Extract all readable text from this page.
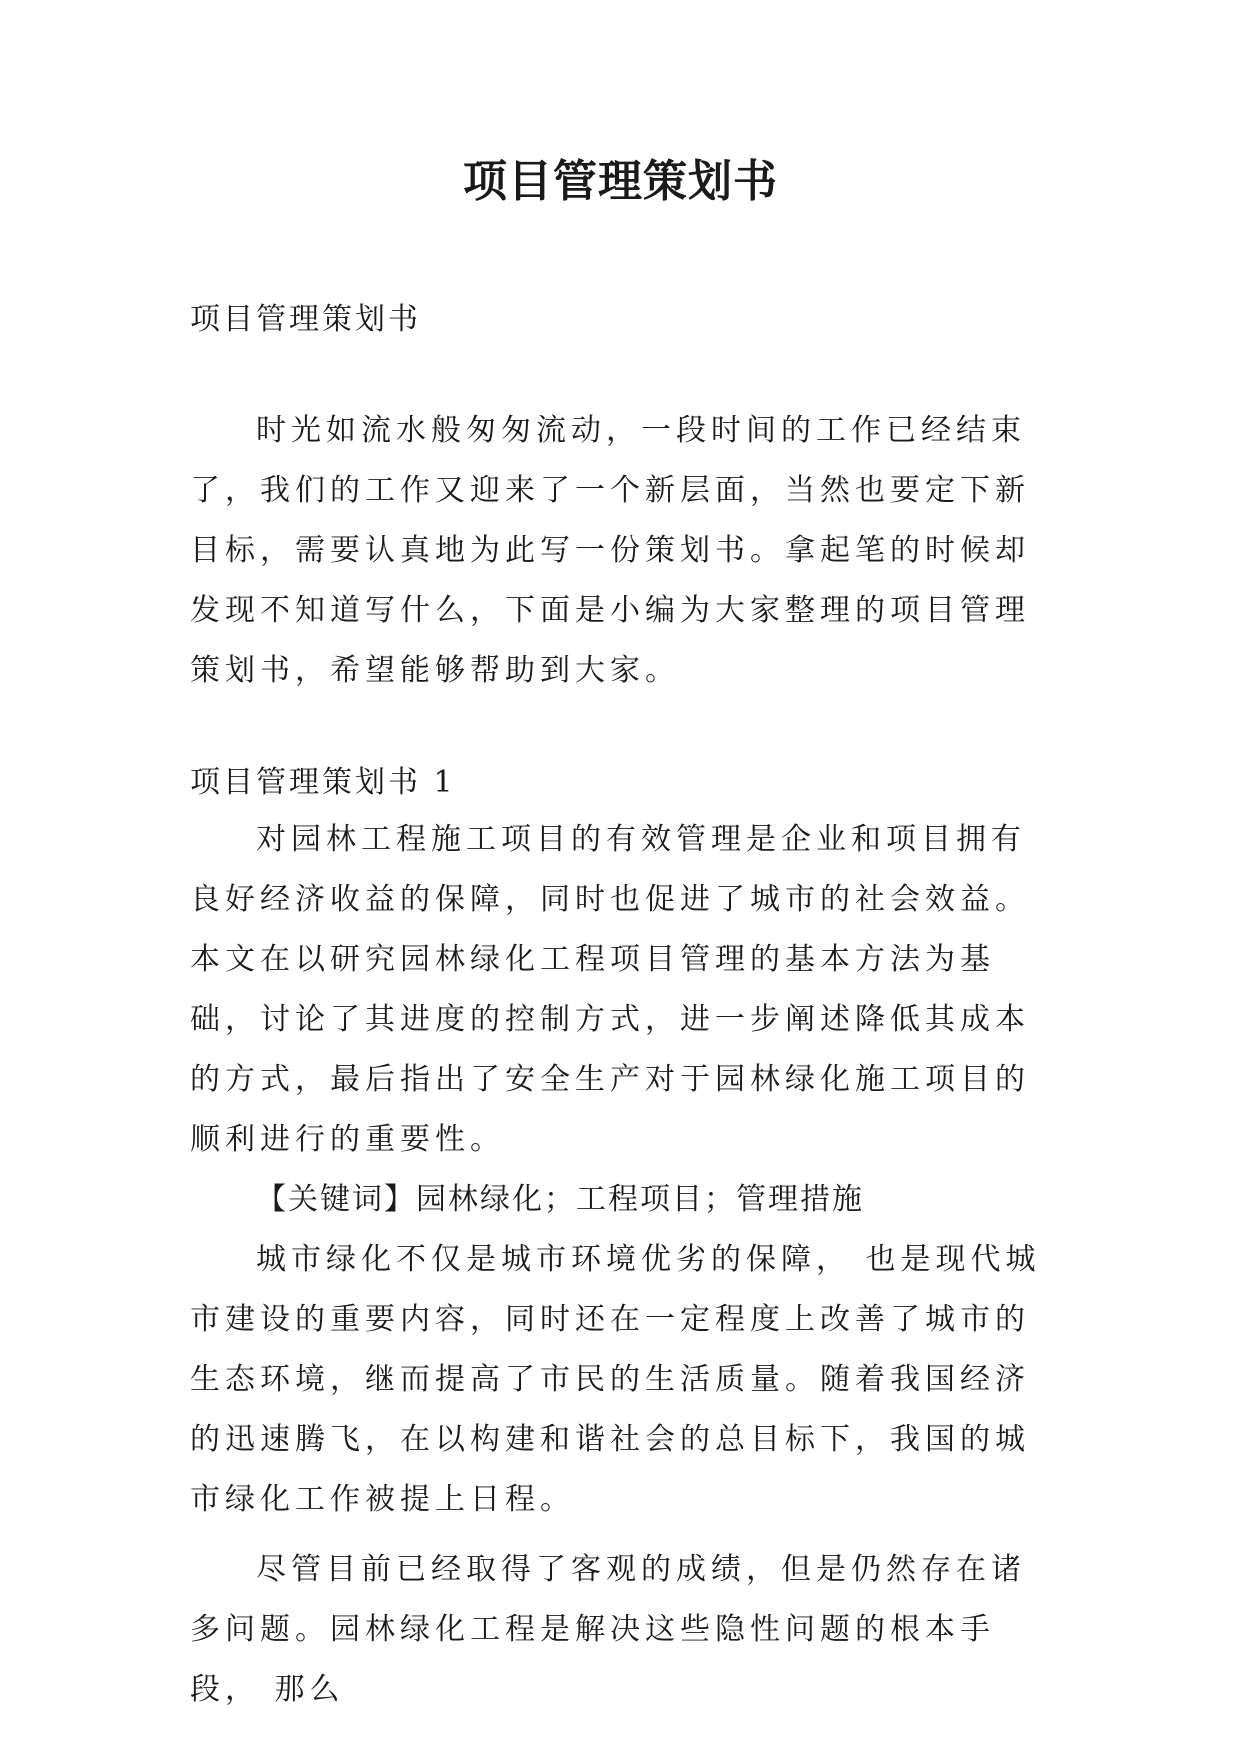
项目管理策划书
项目管理策划书

时光如流水般匆匆流动，一段时间的工作已经结束了，我们的工作又迎来了一个新层面，当然也要定下新目标，需要认真地为此写一份策划书。拿起笔的时候却发现不知道写什么，下面是小编为大家整理的项目管理策划书，希望能够帮助到大家。

项目管理策划书 1

对园林工程施工项目的有效管理是企业和项目拥有良好经济收益的保障，同时也促进了城市的社会效益。本文在以研究园林绿化工程项目管理的基本方法为基础，讨论了其进度的控制方式，进一步阐述降低其成本的方式，最后指出了安全生产对于园林绿化施工项目的顺利进行的重要性。

【关键词】园林绿化；工程项目；管理措施

城市绿化不仅是城市环境优劣的保障， 也是现代城市建设的重要内容，同时还在一定程度上改善了城市的生态环境，继而提高了市民的生活质量。随着我国经济的迅速腾飞，在以构建和谐社会的总目标下，我国的城市绿化工作被提上日程。

尽管目前已经取得了客观的成绩，但是仍然存在诸多问题。园林绿化工程是解决这些隐性问题的根本手段， 那么
